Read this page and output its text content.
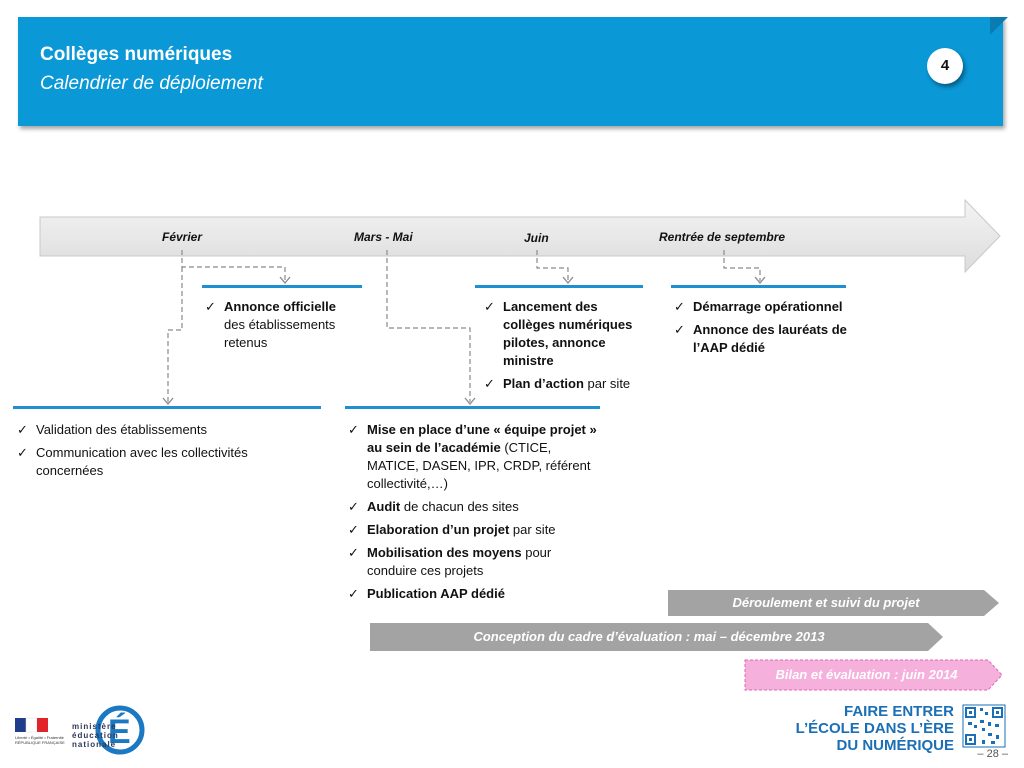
Collèges numériques
Calendrier de déploiement
4
É
Février	Mars - Mai	Juin	Rentrée de septembre
✓ Annonce officielle des établissements retenus
✓ Validation des établissements
✓ Communication avec les collectivités concernées
✓ Mise en place d’une « équipe projet » au sein de l’académie (CTICE, MATICE, DASEN, IPR, CRDP, référent collectivité,…)
✓ Audit de chacun des sites
✓ Elaboration d’un projet par site
✓ Mobilisation des moyens pour conduire ces projets
✓ Publication AAP dédié
✓ Lancement des collèges numériques pilotes, annonce ministre
✓ Plan d’action par site
✓ Démarrage opérationnel
✓ Annonce des lauréats de l’AAP dédié
Déroulement et suivi du projet
Conception du cadre d’évaluation : mai – décembre 2013
Bilan et évaluation : juin 2014
Liberté • Égalité • Fraternité
RÉPUBLIQUE FRANÇAISE
ministère
éducation
nationale
FAIRE ENTRER
L’ÉCOLE DANS L’ÈRE
DU NUMÉRIQUE – 28 –
